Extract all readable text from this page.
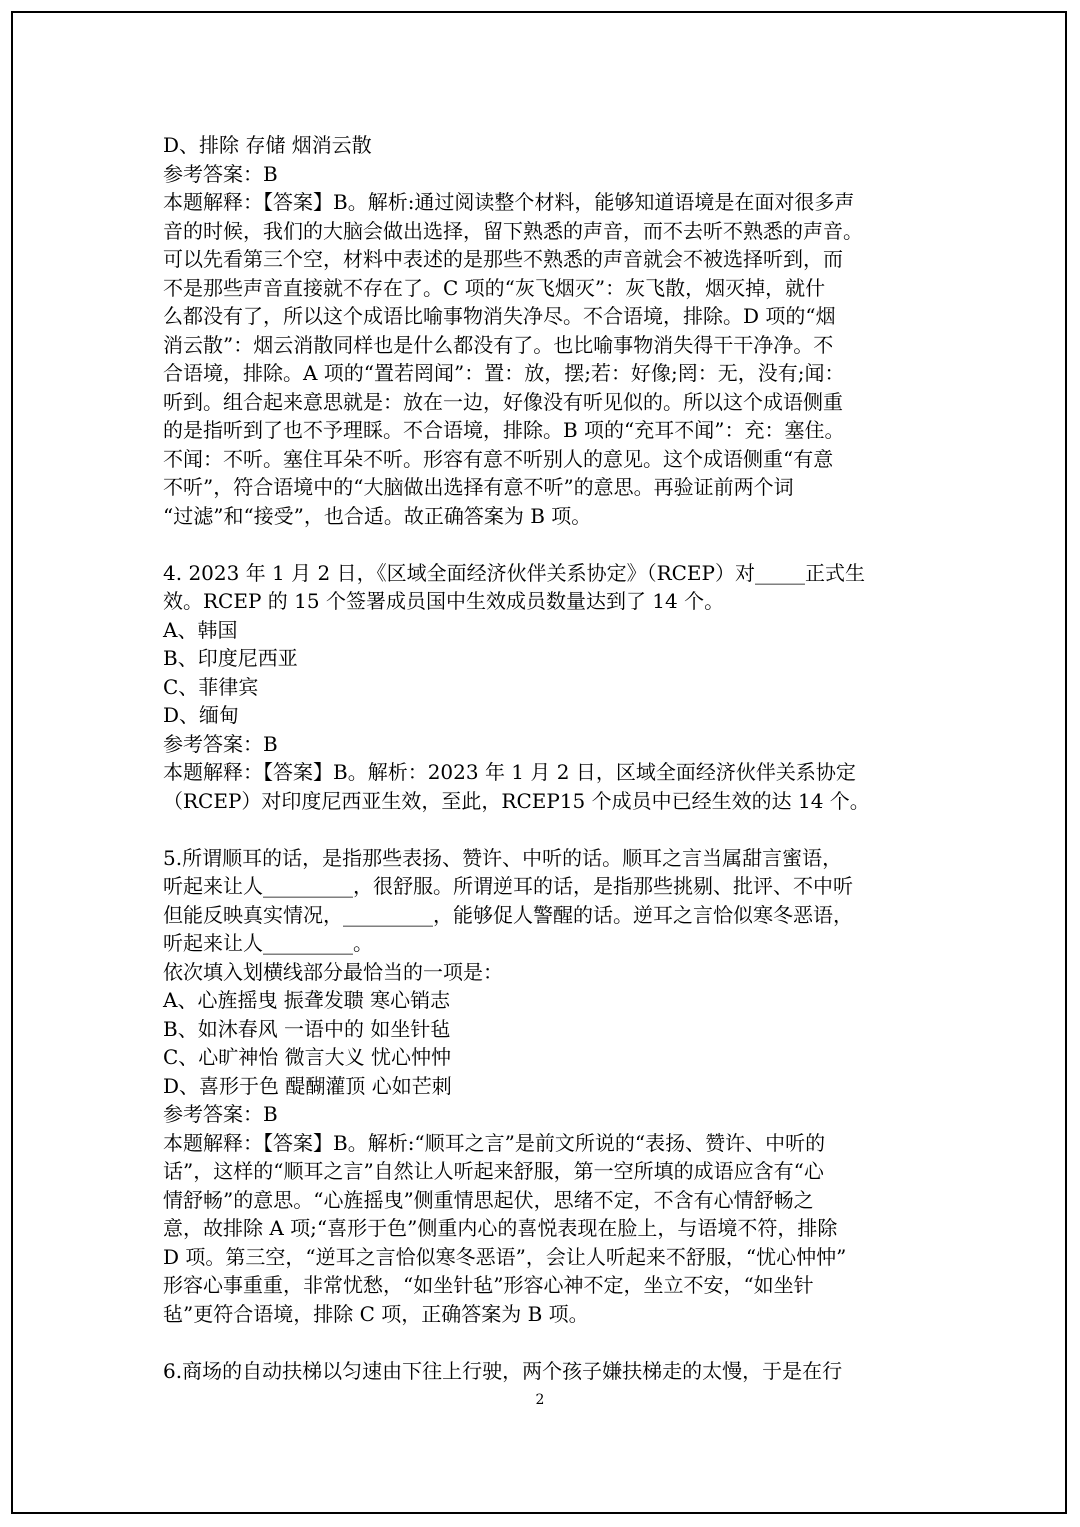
D、排除 存储 烟消云散
参考答案：B
本题解释：【答案】B。解析:通过阅读整个材料，能够知道语境是在面对很多声
音的时候，我们的大脑会做出选择，留下熟悉的声音，而不去听不熟悉的声音。
可以先看第三个空，材料中表述的是那些不熟悉的声音就会不被选择听到，而
不是那些声音直接就不存在了。C 项的“灰飞烟灭”：灰飞散，烟灭掉，就什
么都没有了，所以这个成语比喻事物消失净尽。不合语境，排除。D 项的“烟
消云散”：烟云消散同样也是什么都没有了。也比喻事物消失得干干净净。不
合语境，排除。A 项的“置若罔闻”：置：放，摆;若：好像;罔：无，没有;闻：
听到。组合起来意思就是：放在一边，好像没有听见似的。所以这个成语侧重
的是指听到了也不予理睬。不合语境，排除。B 项的“充耳不闻”：充：塞住。
不闻：不听。塞住耳朵不听。形容有意不听别人的意见。这个成语侧重“有意
不听”，符合语境中的“大脑做出选择有意不听”的意思。再验证前两个词
“过滤”和“接受”，也合适。故正确答案为 B 项。
4. 2023 年 1 月 2 日，《区域全面经济伙伴关系协定》（RCEP）对_____正式生
效。RCEP 的 15 个签署成员国中生效成员数量达到了 14 个。
A、韩国
B、印度尼西亚
C、菲律宾
D、缅甸
参考答案：B
本题解释：【答案】B。解析：2023 年 1 月 2 日，区域全面经济伙伴关系协定
（RCEP）对印度尼西亚生效，至此，RCEP15 个成员中已经生效的达 14 个。
5.所谓顺耳的话，是指那些表扬、赞许、中听的话。顺耳之言当属甜言蜜语，
听起来让人_________，很舒服。所谓逆耳的话，是指那些挑剔、批评、不中听
但能反映真实情况，_________，能够促人警醒的话。逆耳之言恰似寒冬恶语，
听起来让人_________。
依次填入划横线部分最恰当的一项是：
A、心旌摇曳 振聋发聩 寒心销志
B、如沐春风 一语中的 如坐针毡
C、心旷神怡 微言大义 忧心忡忡
D、喜形于色 醍醐灌顶 心如芒刺
参考答案：B
本题解释：【答案】B。解析:“顺耳之言”是前文所说的“表扬、赞许、中听的
话”，这样的“顺耳之言”自然让人听起来舒服，第一空所填的成语应含有“心
情舒畅”的意思。“心旌摇曳”侧重情思起伏，思绪不定，不含有心情舒畅之
意，故排除 A 项;“喜形于色”侧重内心的喜悦表现在脸上，与语境不符，排除
D 项。第三空，“逆耳之言恰似寒冬恶语”，会让人听起来不舒服，“忧心忡忡”
形容心事重重，非常忧愁，“如坐针毡”形容心神不定，坐立不安，“如坐针
毡”更符合语境，排除 C 项，正确答案为 B 项。
6.商场的自动扶梯以匀速由下往上行驶，两个孩子嫌扶梯走的太慢，于是在行
2
